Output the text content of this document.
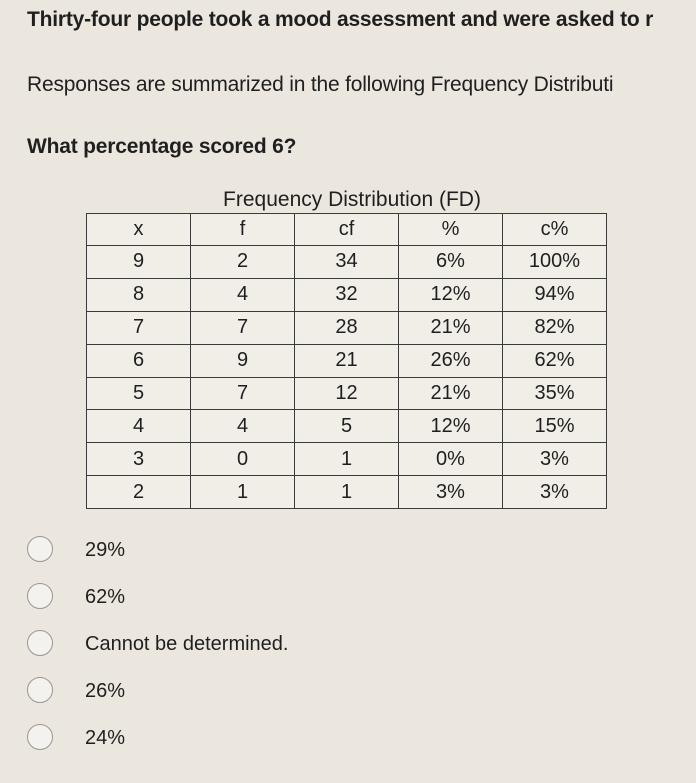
Thirty-four people took a mood assessment and were asked to r
Responses are summarized in the following Frequency Distributi
What percentage scored 6?
Frequency Distribution (FD)
x	f	cf	%	c%
9	2	34	6%	100%
8	4	32	12%	94%
7	7	28	21%	82%
6	9	21	26%	62%
5	7	12	21%	35%
4	4	5	12%	15%
3	0	1	0%	3%
2	1	1	3%	3%
29%
62%
Cannot be determined.
26%
24%
